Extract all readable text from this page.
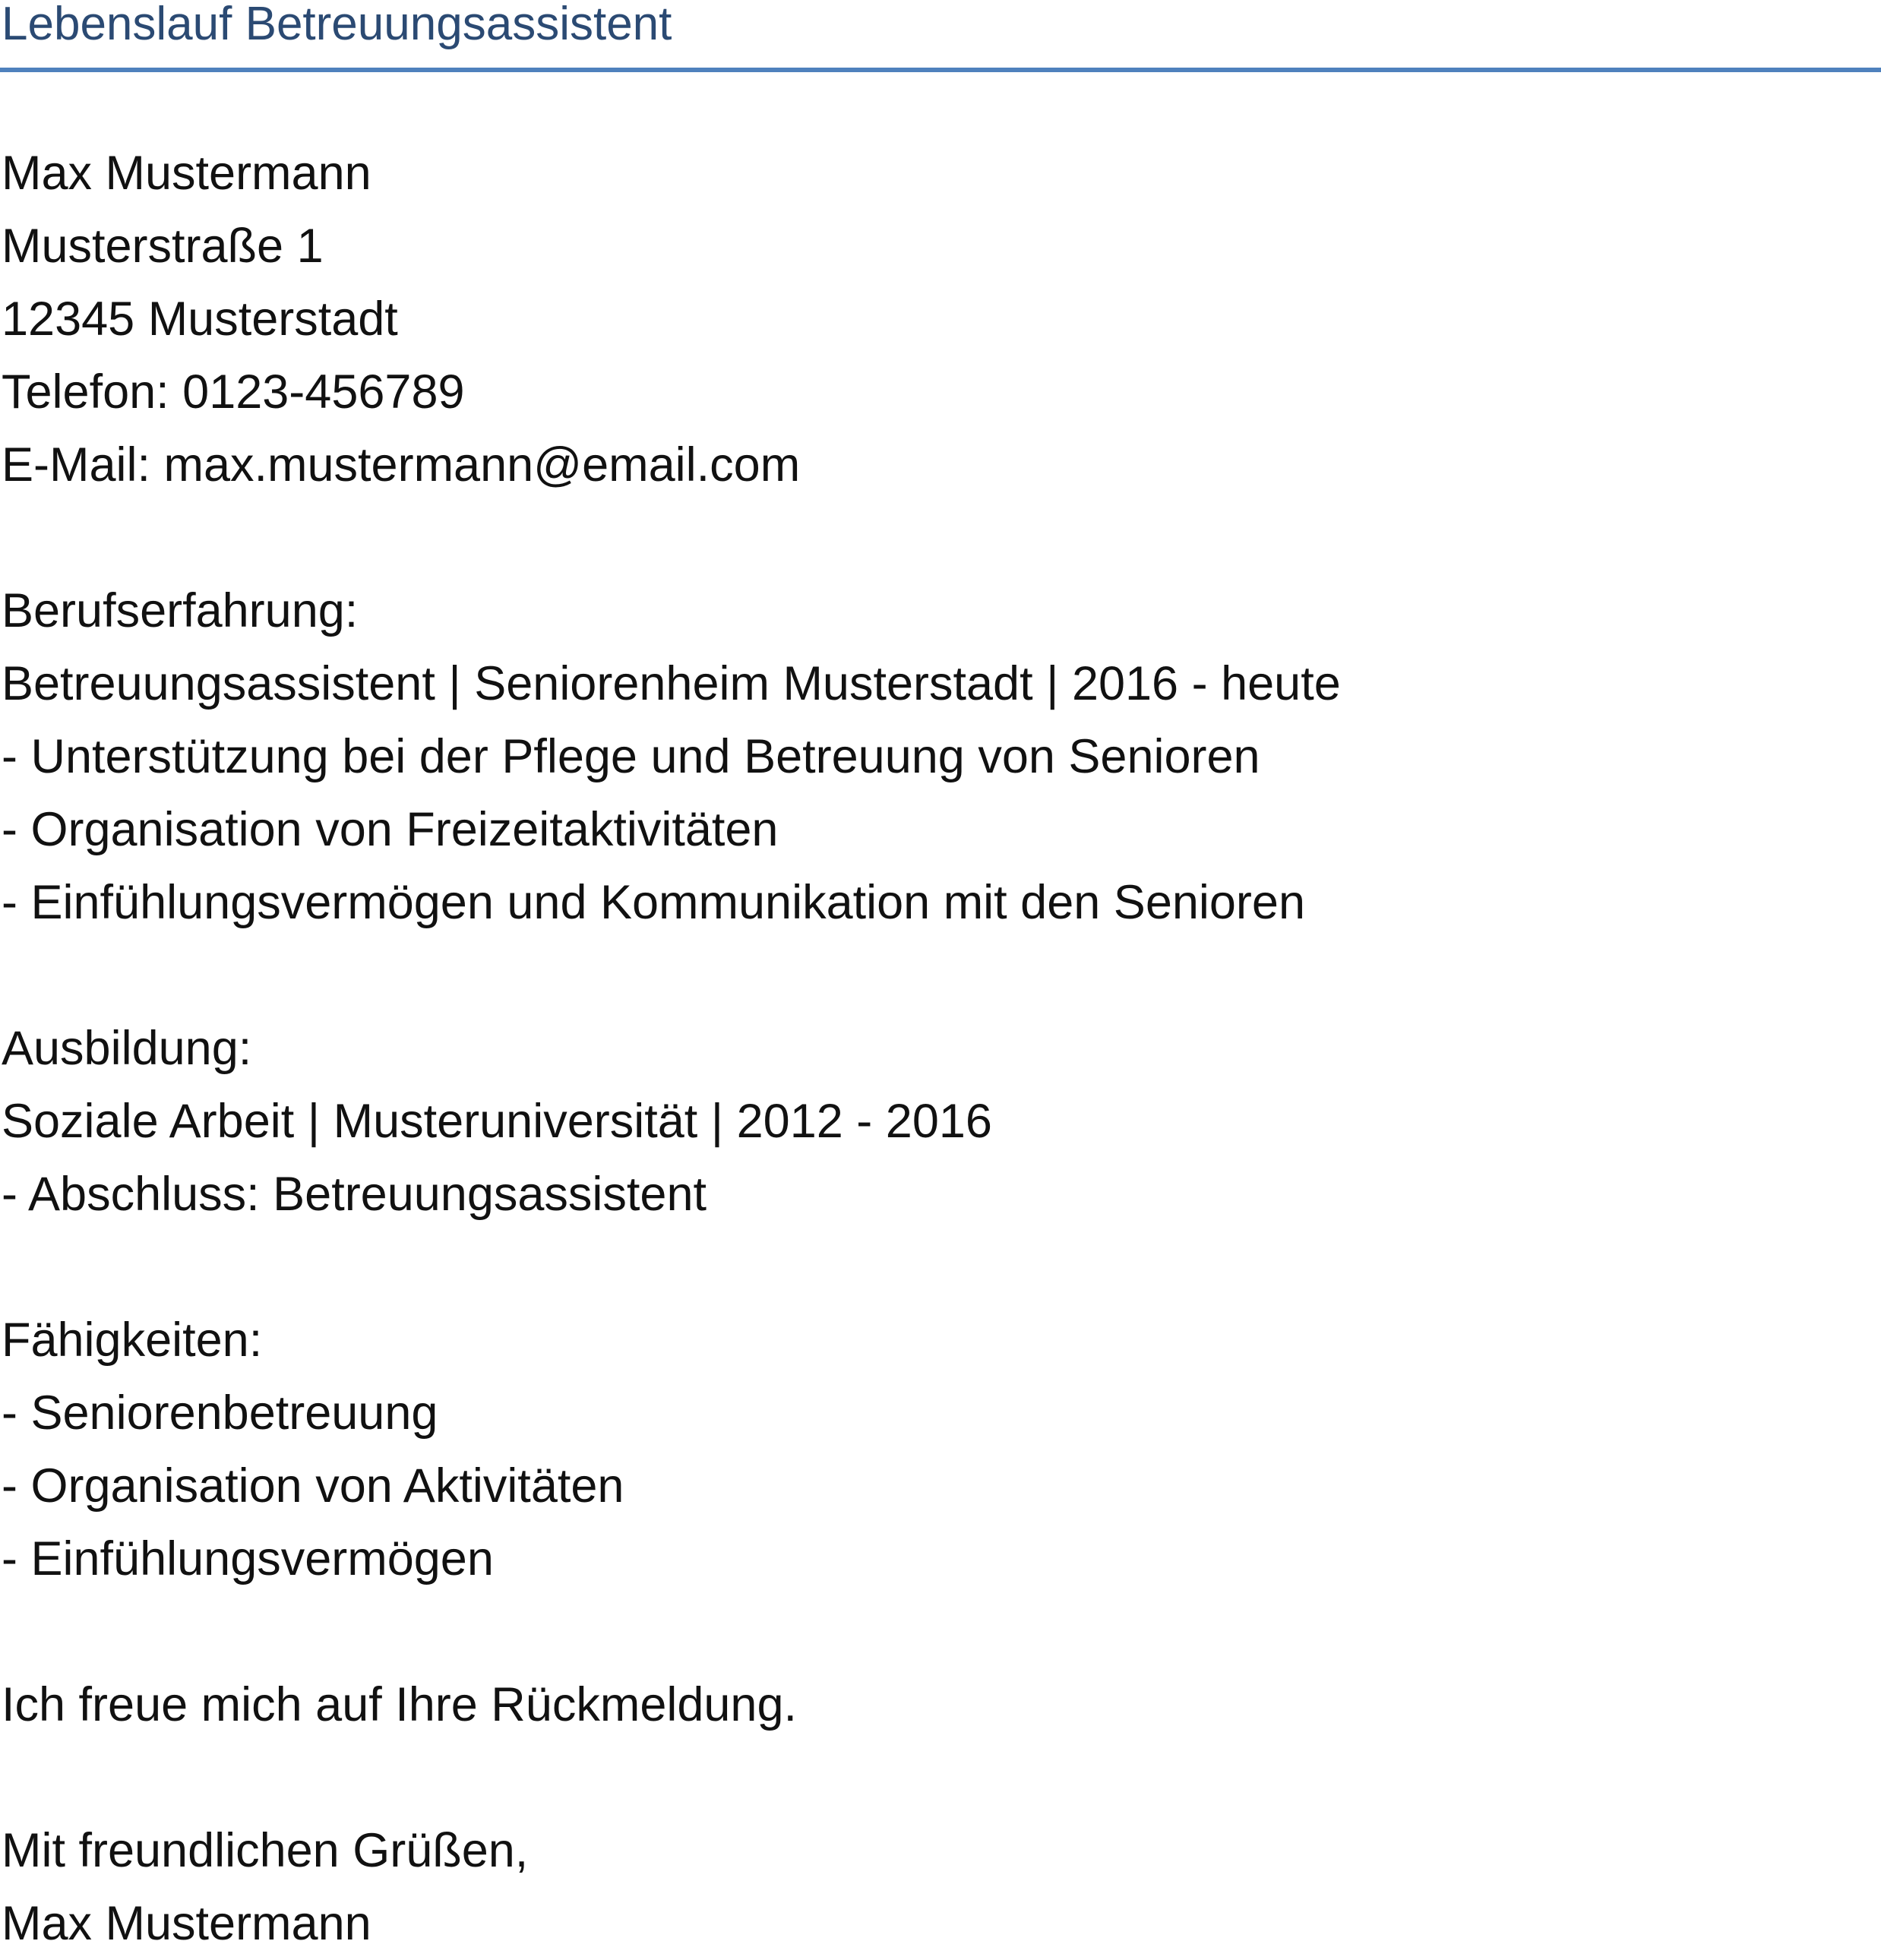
Lebenslauf Betreuungsassistent

Max Mustermann

Musterstraße 1

12345 Musterstadt

Telefon: 0123-456789

E-Mail: max.mustermann@email.com

Berufserfahrung:

Betreuungsassistent | Seniorenheim Musterstadt | 2016 - heute

- Unterstützung bei der Pflege und Betreuung von Senioren

- Organisation von Freizeitaktivitäten

- Einfühlungsvermögen und Kommunikation mit den Senioren

Ausbildung:

Soziale Arbeit | Musteruniversität | 2012 - 2016

- Abschluss: Betreuungsassistent

Fähigkeiten:

- Seniorenbetreuung

- Organisation von Aktivitäten

- Einfühlungsvermögen

Ich freue mich auf Ihre Rückmeldung.

Mit freundlichen Grüßen,

Max Mustermann
